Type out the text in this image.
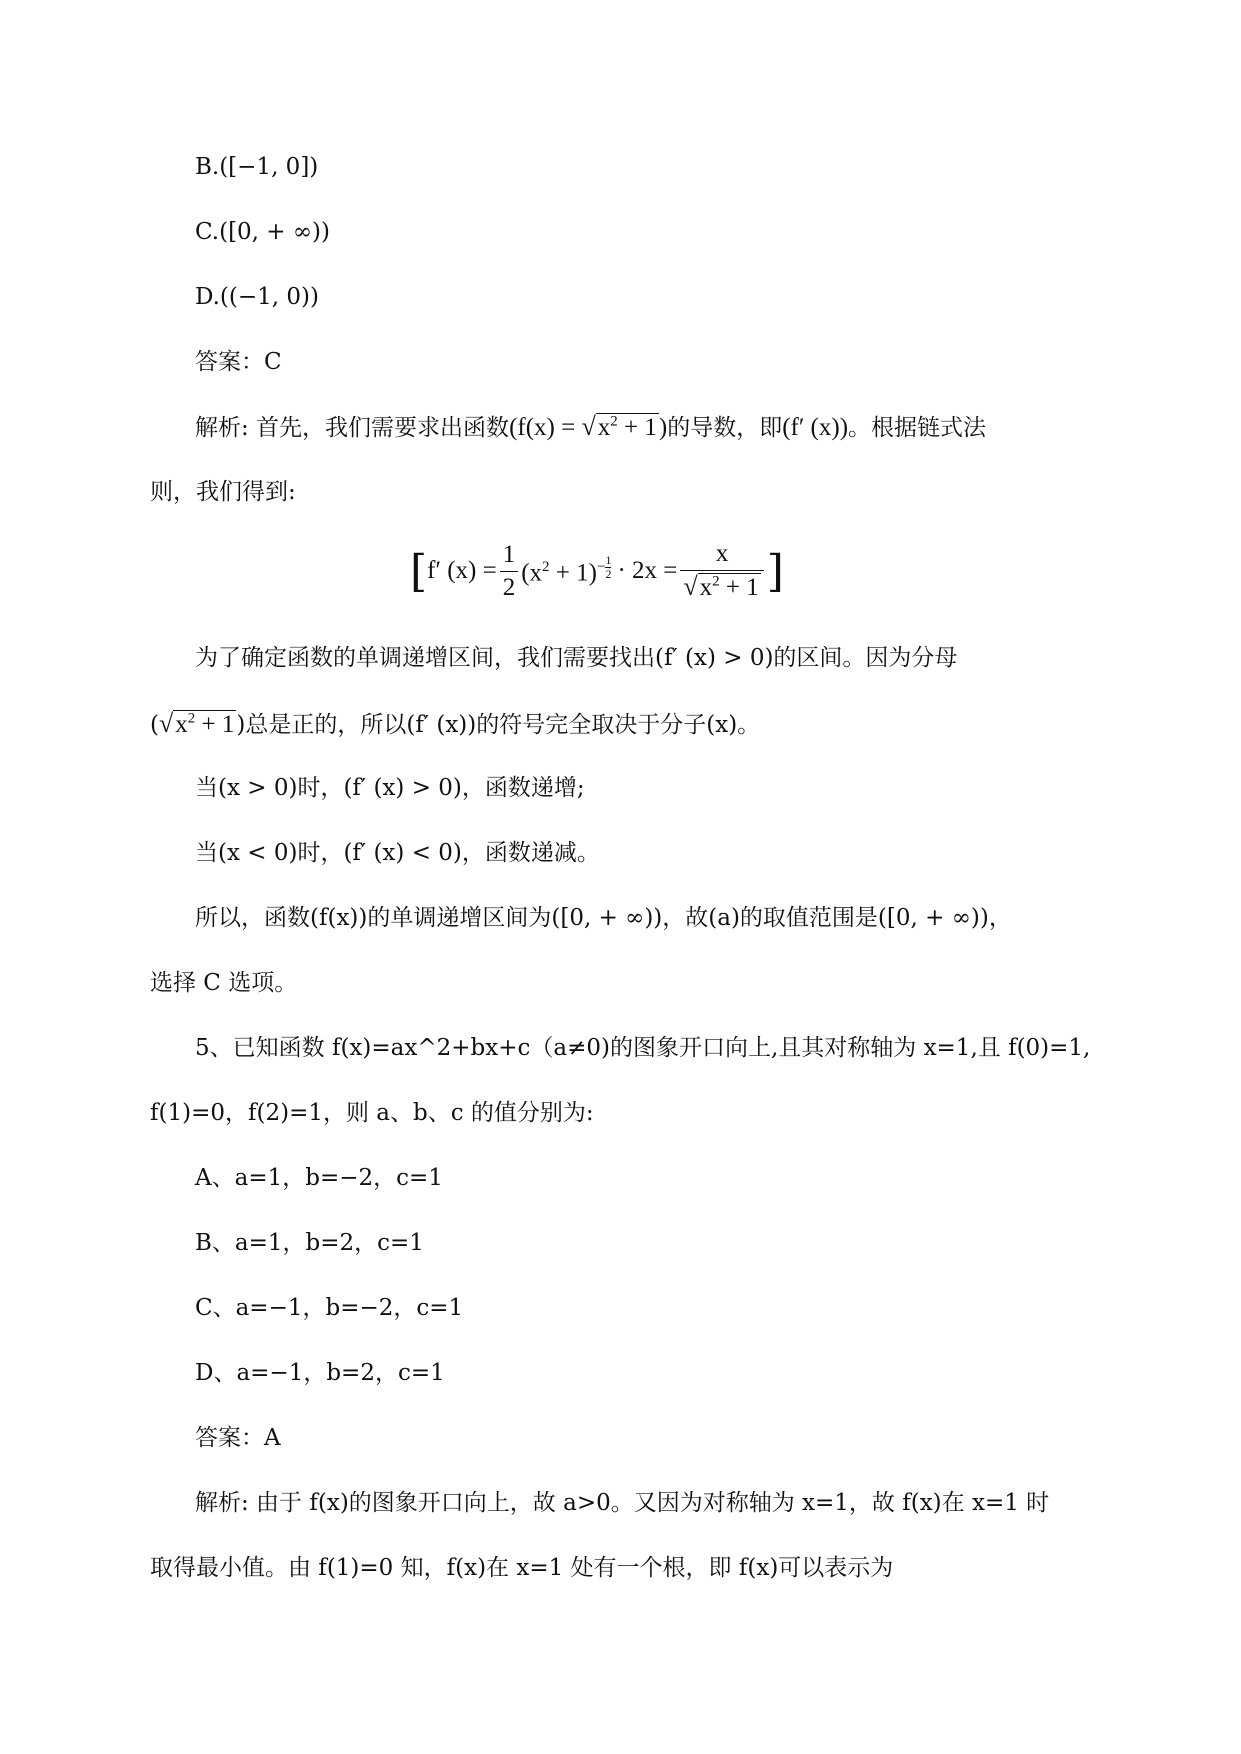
B.([−1, 0])
C.([0, + ∞))
D.((−1, 0))
答案：C
解析: 首先，我们需要求出函数$(f(x) = √x^2 + 1)$的导数，即(f′ (x))。根据链式法
则，我们得到:
[ f′ $(x) = \frac{1}{2} (x^2 + 1)^{- \frac{1}{2}} \cdot 2x = \frac{x}{√x^2 + 1}$ ]
为了确定函数的单调递增区间，我们需要找出(f′ (x) > 0)的区间。因为分母
$(√x^2 + 1)$总是正的，所以(f′ (x))的符号完全取决于分子(x)。
当(x > 0)时，(f′ (x) > 0)，函数递增;
当(x < 0)时，(f′ (x) < 0)，函数递减。
所以，函数(f(x))的单调递增区间为([0, + ∞))，故(a)的取值范围是([0, + ∞))，
选择 C 选项。
5、已知函数 f(x)=ax^2+bx+c（a≠0)的图象开口向上,且其对称轴为 x=1,且 f(0)=1,
f(1)=0，f(2)=1，则 a、b、c 的值分别为:
A、a=1，b=−2，c=1
B、a=1，b=2，c=1
C、a=−1，b=−2，c=1
D、a=−1，b=2，c=1
答案：A
解析: 由于 f(x)的图象开口向上，故 a>0。又因为对称轴为 x=1，故 f(x)在 x=1 时
取得最小值。由 f(1)=0 知，f(x)在 x=1 处有一个根，即 f(x)可以表示为
